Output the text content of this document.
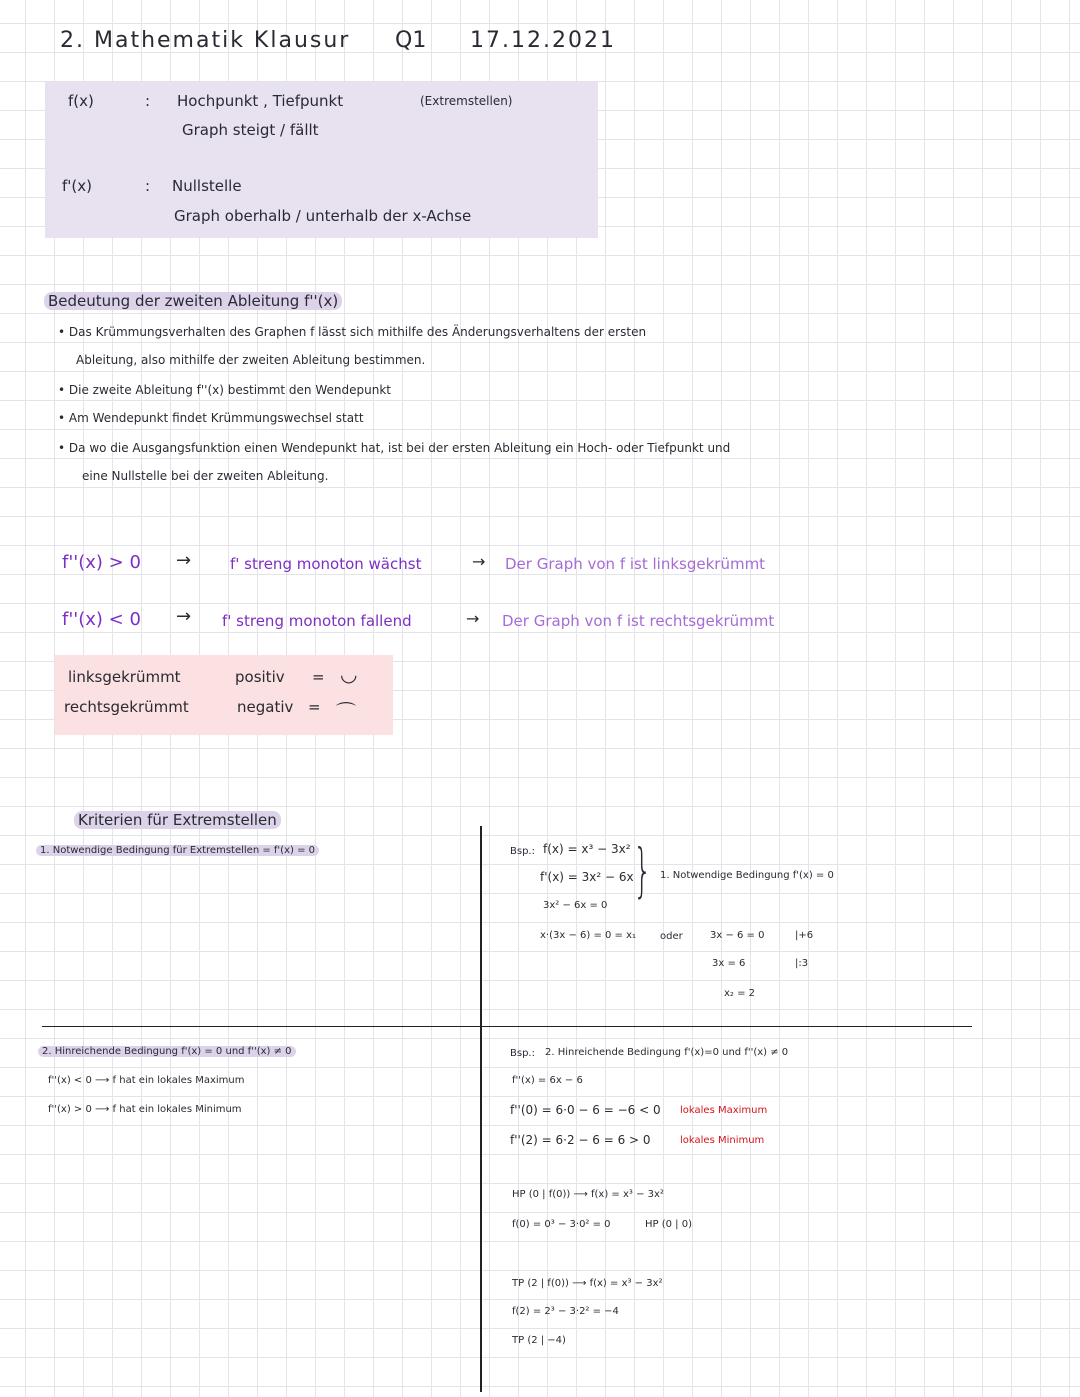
2. Mathematik Klausur Q1 17.12.2021
f(x)	: Hochpunkt , Tiefpunkt	(Extremstellen)
Graph steigt / fällt
f'(x)	: Nullstelle
Graph oberhalb / unterhalb der x-Achse
Bedeutung der zweiten Ableitung f''(x)
• Das Krümmungsverhalten des Graphen f lässt sich mithilfe des Änderungsverhaltens der ersten
Ableitung, also mithilfe der zweiten Ableitung bestimmen.
• Die zweite Ableitung f''(x) bestimmt den Wendepunkt
• Am Wendepunkt findet Krümmungswechsel statt
• Da wo die Ausgangsfunktion einen Wendepunkt hat, ist bei der ersten Ableitung ein Hoch- oder Tiefpunkt und
eine Nullstelle bei der zweiten Ableitung.
f''(x) > 0 →	f' streng monoton wächst	→ Der Graph von f ist linksgekrümmt
f''(x) < 0 → f' streng monoton fallend	→ Der Graph von f ist rechtsgekrümmt
linksgekrümmt	positiv = ◡
rechtsgekrümmt	negativ = ⌒
Kriterien für Extremstellen
1. Notwendige Bedingung für Extremstellen = f'(x) = 0
2. Hinreichende Bedingung f'(x) = 0 und f''(x) ≠ 0
f''(x) < 0 ⟶ f hat ein lokales Maximum
f''(x) > 0 ⟶ f hat ein lokales Minimum
Bsp.: f(x) = x³ − 3x²
f'(x) = 3x² − 6x
3x² − 6x = 0
} 1. Notwendige Bedingung f'(x) = 0
x·(3x − 6) = 0 = x₁ oder	3x − 6 = 0	|+6
3x = 6	|:3
x₂ = 2
Bsp.: 2. Hinreichende Bedingung f'(x)=0 und f''(x) ≠ 0
f''(x) = 6x − 6
f''(0) = 6·0 − 6 = −6 < 0 lokales Maximum
f''(2) = 6·2 − 6 = 6 > 0	lokales Minimum
HP (0 | f(0)) ⟶ f(x) = x³ − 3x²
f(0) = 0³ − 3·0² = 0	HP (0 | 0)
TP (2 | f(0)) ⟶ f(x) = x³ − 3x²
f(2) = 2³ − 3·2² = −4
TP (2 | −4)
